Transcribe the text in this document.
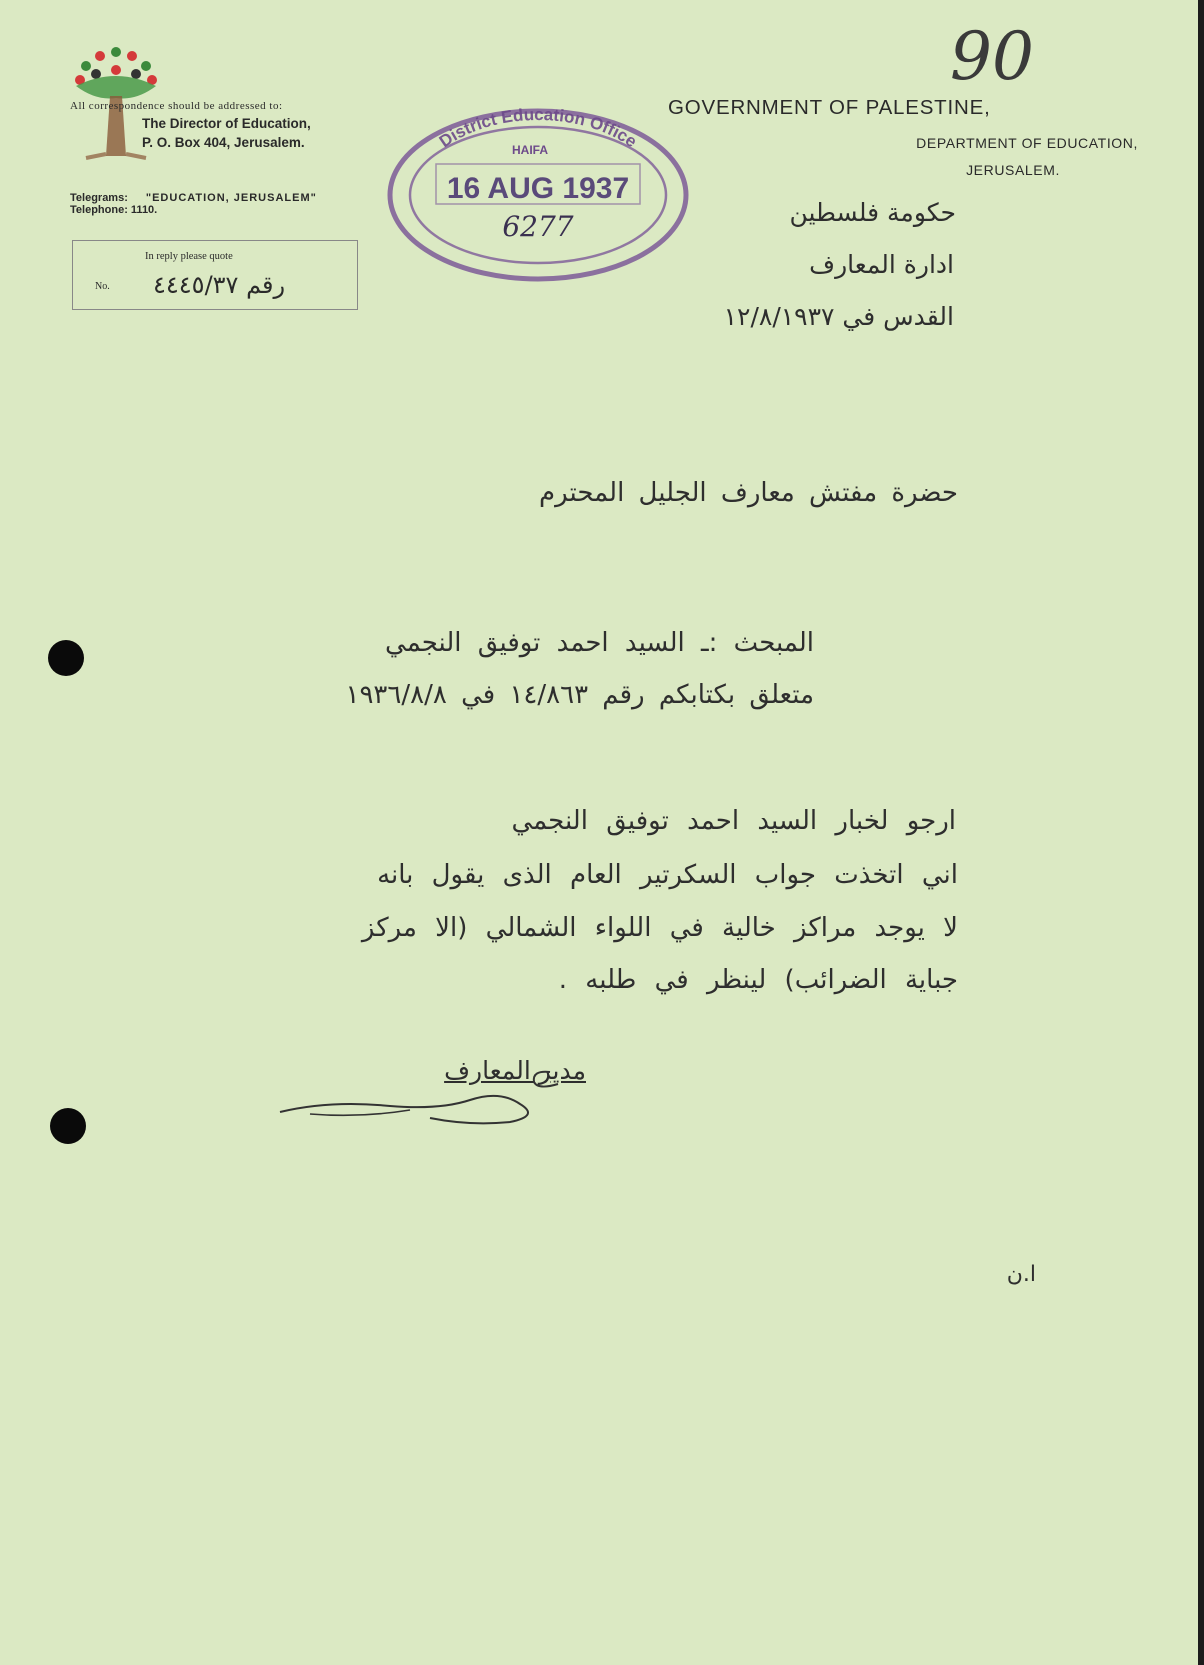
90
All correspondence should be addressed to:
The Director of Education,
P. O. Box 404, Jerusalem.
Telegrams: "EDUCATION, JERUSALEM"
Telephone: 1110.
In reply please quote
No. رقم ٤٤٤٥/٣٧
District Education Office
HAIFA
16 AUG 1937
6277
GOVERNMENT OF PALESTINE,
DEPARTMENT OF EDUCATION,
JERUSALEM.
حكومة فلسطين
ادارة المعارف
القدس في ١٢/٨/١٩٣٧
حضرة مفتش معارف الجليل المحترم
المبحث :ـ السيد احمد توفيق النجمي
متعلق بكتابكم رقم ١٤/٨٦٣ في ١٩٣٦/٨/٨
ارجو لخبار السيد احمد توفيق النجمي
اني اتخذت جواب السكرتير العام الذى يقول بانه
لا يوجد مراكز خالية في اللواء الشمالي (الا مركز
جباية الضرائب) لينظر في طلبه .
مدير المعارف
ا.ن
